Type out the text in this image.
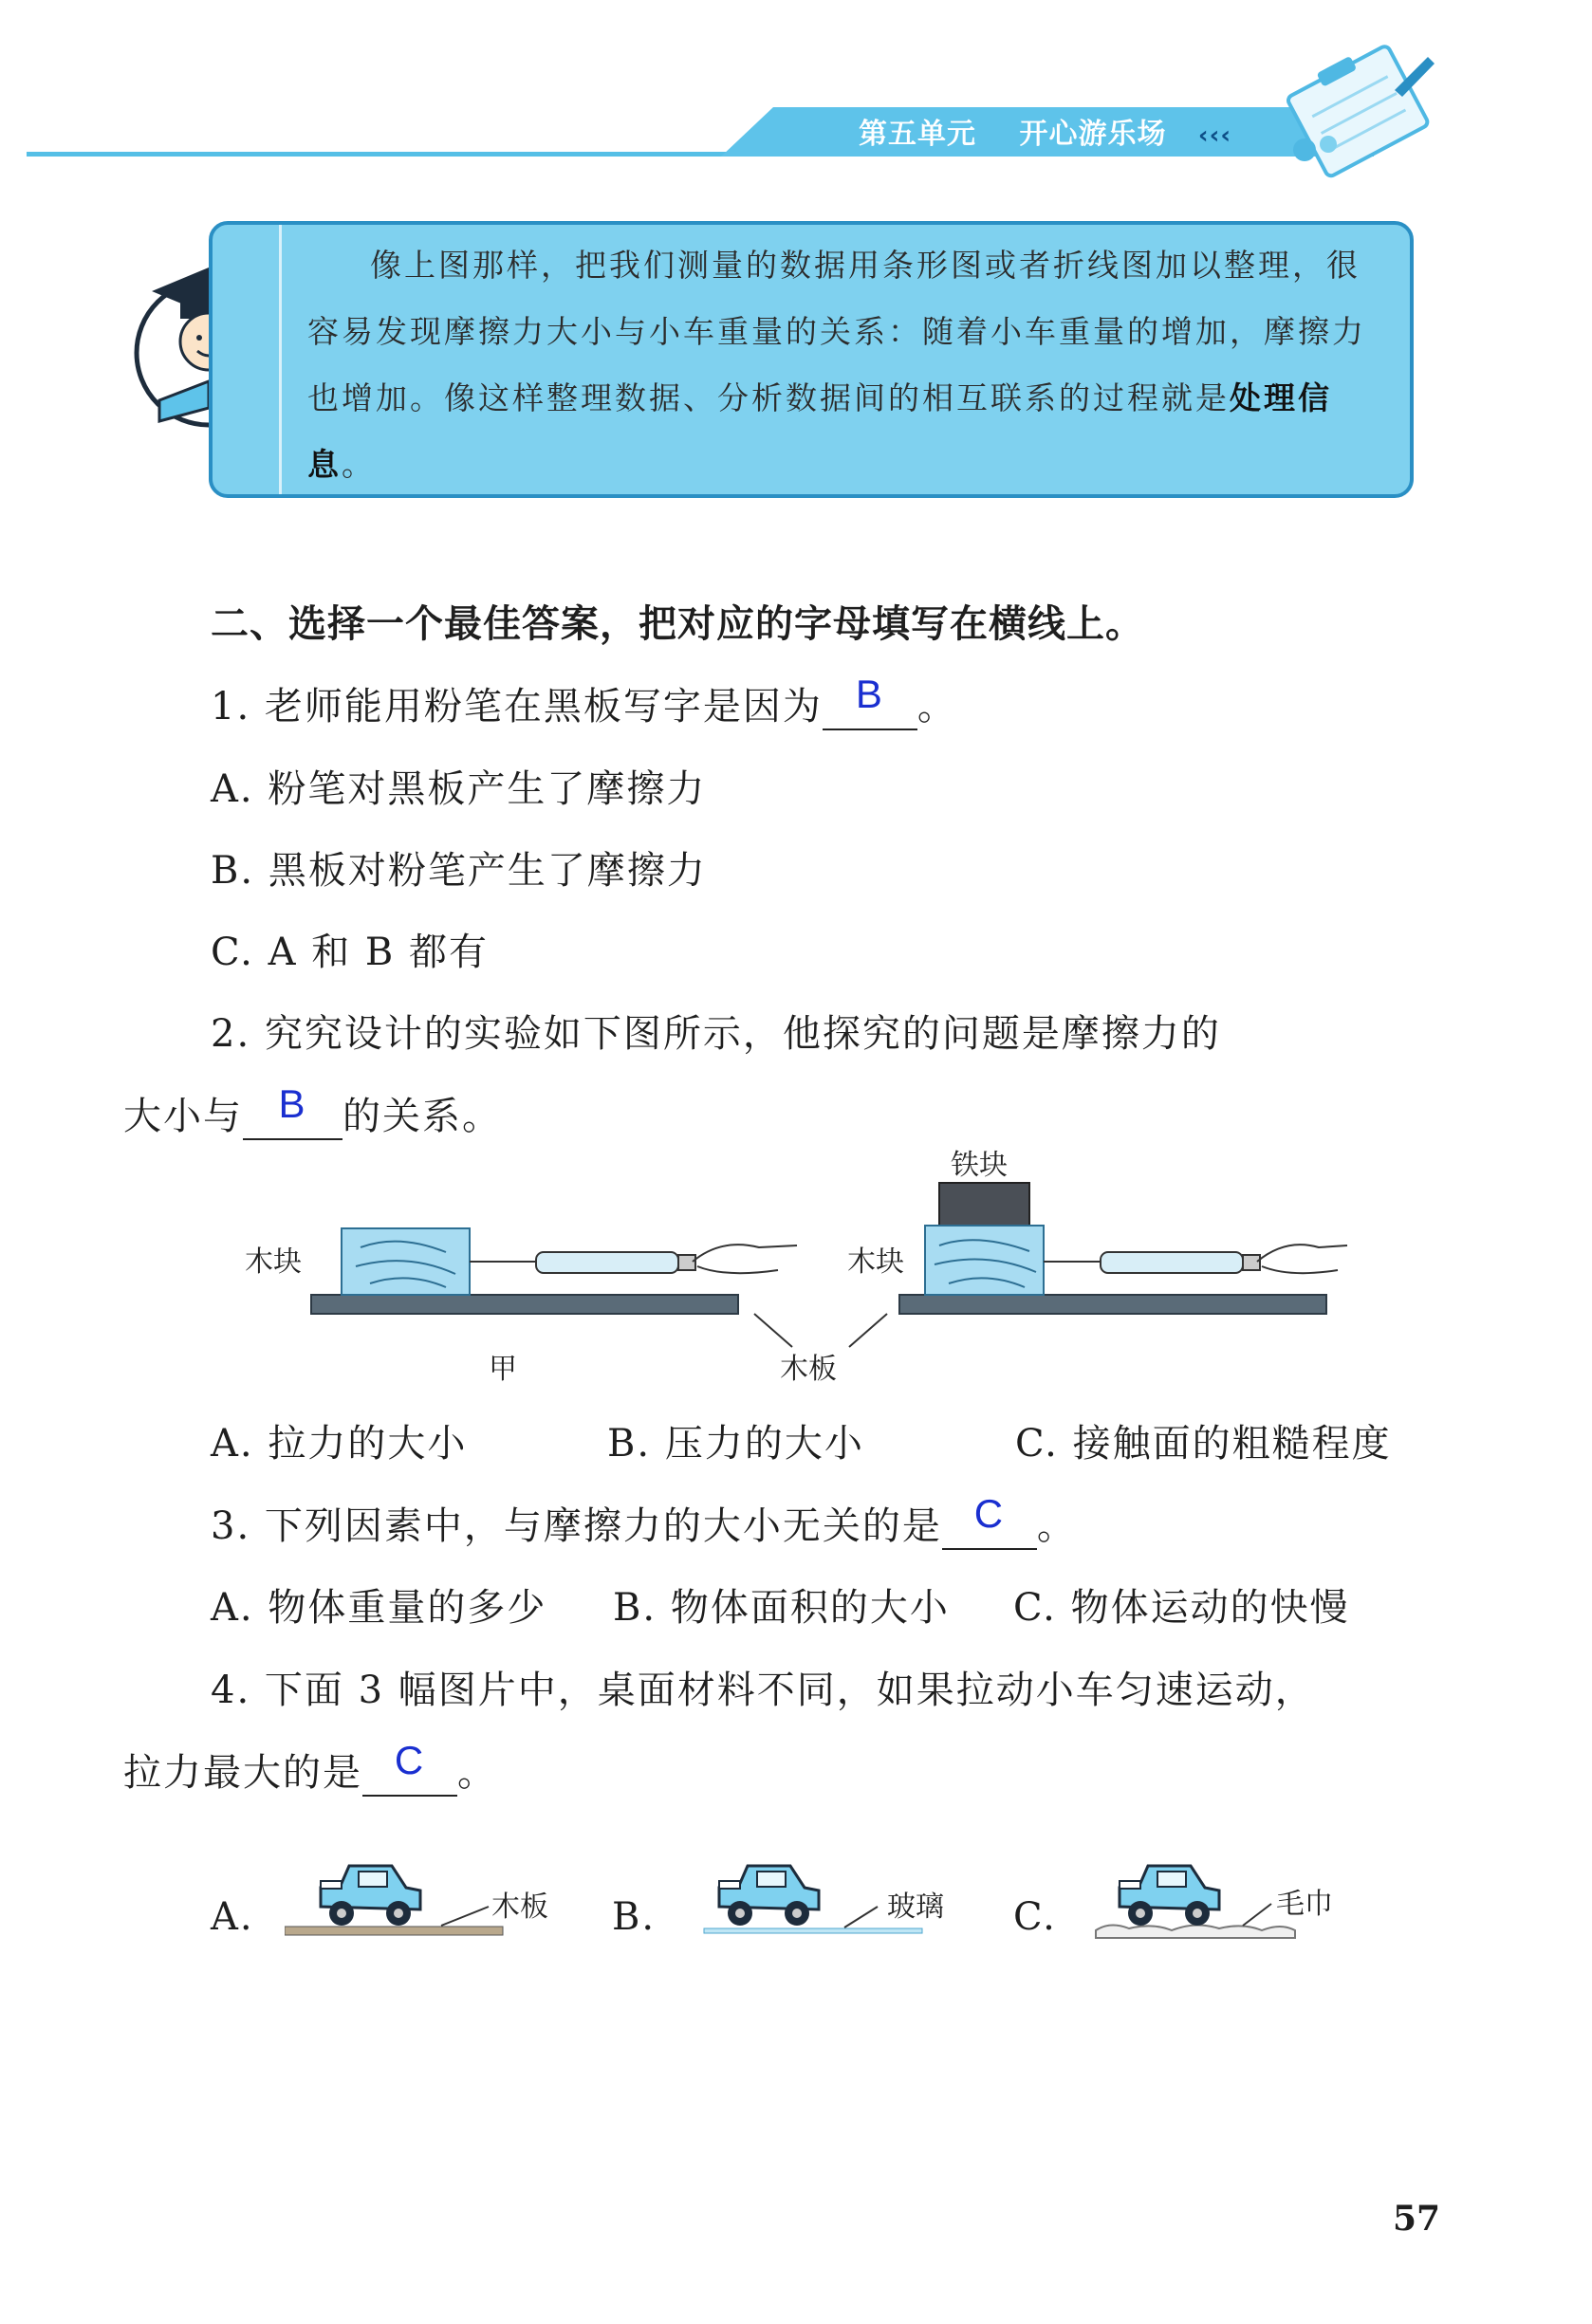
第五单元 开心游乐场 ‹‹‹
像上图那样，把我们测量的数据用条形图或者折线图加以整理，很容易发现摩擦力大小与小车重量的关系：随着小车重量的增加，摩擦力也增加。像这样整理数据、分析数据间的相互联系的过程就是处理信息。
二、选择一个最佳答案，把对应的字母填写在横线上。
1. 老师能用粉笔在黑板写字是因为 B 。
A. 粉笔对黑板产生了摩擦力
B. 黑板对粉笔产生了摩擦力
C. A 和 B 都有
2. 究究设计的实验如下图所示，他探究的问题是摩擦力的
大小与 B 的关系。
木块	木块
铁块
木板
甲
A. 拉力的大小	B. 压力的大小	C. 接触面的粗糙程度
3. 下列因素中，与摩擦力的大小无关的是 C 。
A. 物体重量的多少 B. 物体面积的大小 C. 物体运动的快慢
4. 下面 3 幅图片中，桌面材料不同，如果拉动小车匀速运动，
拉力最大的是 C 。
A.	B.	C.
木板	玻璃	毛巾
57
